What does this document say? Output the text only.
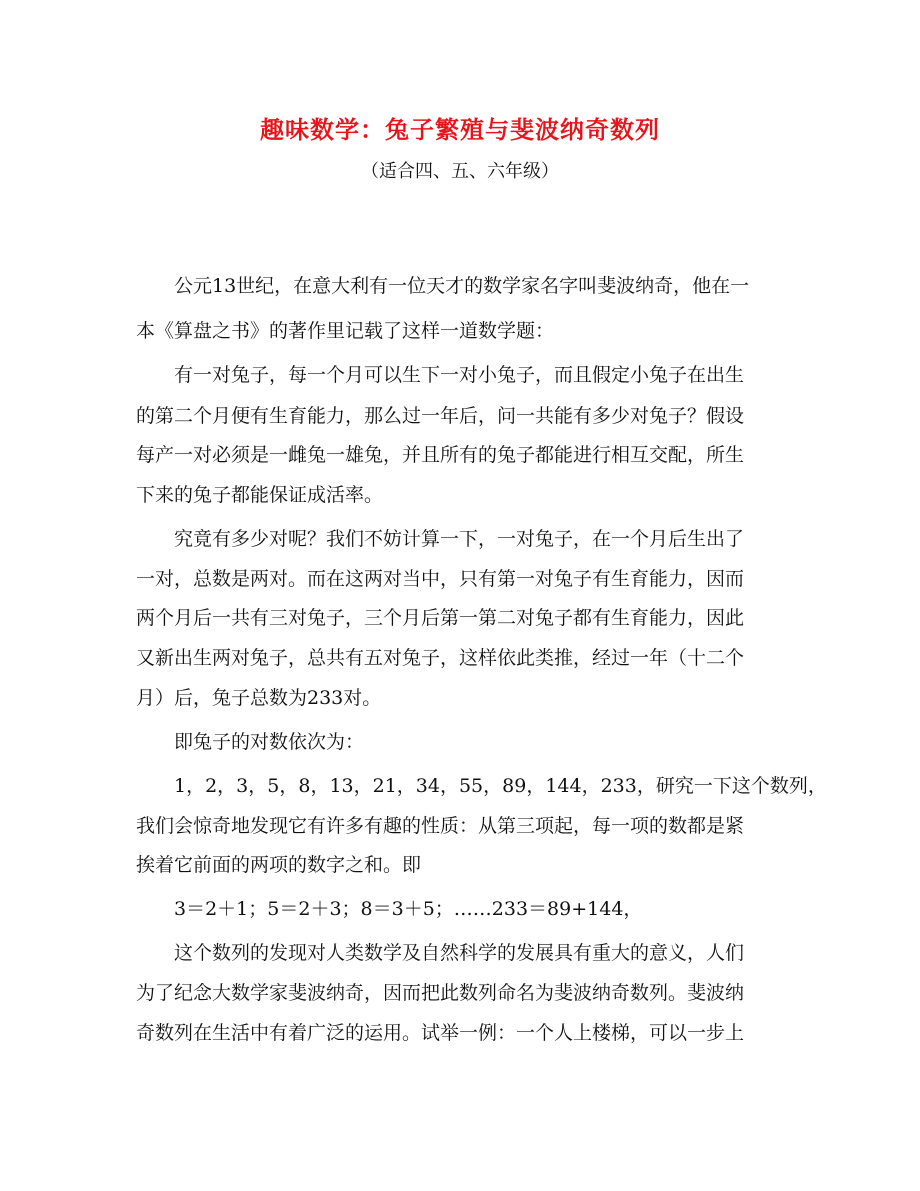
趣味数学：兔子繁殖与斐波纳奇数列
（适合四、五、六年级）
公元13世纪，在意大利有一位天才的数学家名字叫斐波纳奇，他在一
本《算盘之书》的著作里记载了这样一道数学题：
有一对兔子，每一个月可以生下一对小兔子，而且假定小兔子在出生
的第二个月便有生育能力，那么过一年后，问一共能有多少对兔子？假设
每产一对必须是一雌兔一雄兔，并且所有的兔子都能进行相互交配，所生
下来的兔子都能保证成活率。
究竟有多少对呢？我们不妨计算一下，一对兔子，在一个月后生出了
一对，总数是两对。而在这两对当中，只有第一对兔子有生育能力，因而
两个月后一共有三对兔子，三个月后第一第二对兔子都有生育能力，因此
又新出生两对兔子，总共有五对兔子，这样依此类推，经过一年（十二个
月）后，兔子总数为233对。
即兔子的对数依次为：
1，2，3，5，8，13，21，34，55，89，144，233，研究一下这个数列，
我们会惊奇地发现它有许多有趣的性质：从第三项起，每一项的数都是紧
挨着它前面的两项的数字之和。即
3＝2＋1；5＝2＋3；8＝3＋5；……233＝89+144，
这个数列的发现对人类数学及自然科学的发展具有重大的意义，人们
为了纪念大数学家斐波纳奇，因而把此数列命名为斐波纳奇数列。斐波纳
奇数列在生活中有着广泛的运用。试举一例：一个人上楼梯，可以一步上
